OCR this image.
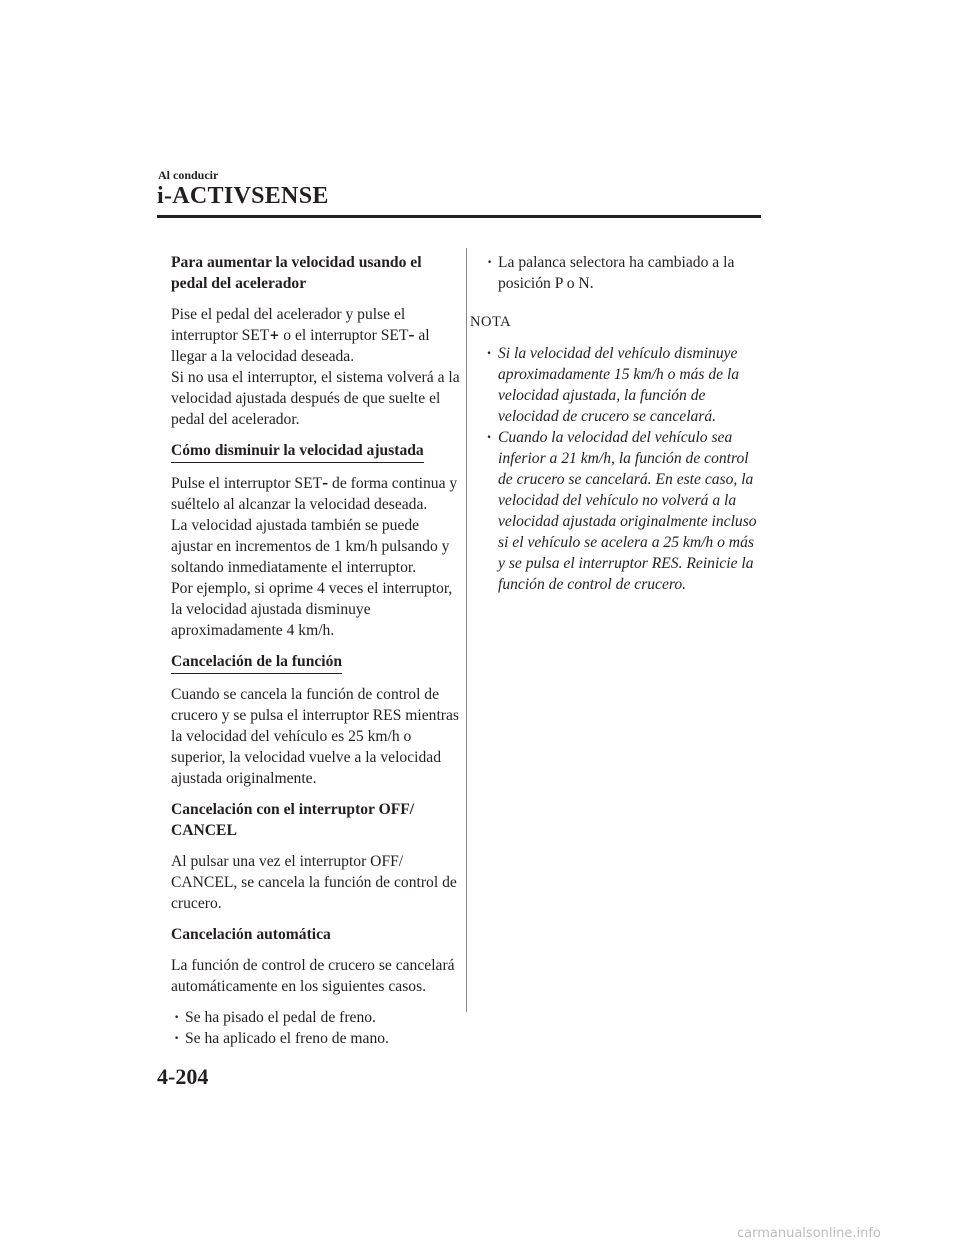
Al conducir
i-ACTIVSENSE

Para aumentar la velocidad usando el pedal del acelerador

Pise el pedal del acelerador y pulse el interruptor SET+ o el interruptor SET– al llegar a la velocidad deseada.
Si no usa el interruptor, el sistema volverá a la velocidad ajustada después de que suelte el pedal del acelerador.

Cómo disminuir la velocidad ajustada

Pulse el interruptor SET– de forma continua y suéltelo al alcanzar la velocidad deseada.
La velocidad ajustada también se puede ajustar en incrementos de 1 km/h pulsando y soltando inmediatamente el interruptor.
Por ejemplo, si oprime 4 veces el interruptor, la velocidad ajustada disminuye aproximadamente 4 km/h.

Cancelación de la función

Cuando se cancela la función de control de crucero y se pulsa el interruptor RES mientras la velocidad del vehículo es 25 km/h o superior, la velocidad vuelve a la velocidad ajustada originalmente.

Cancelación con el interruptor OFF/ CANCEL

Al pulsar una vez el interruptor OFF/ CANCEL, se cancela la función de control de crucero.

Cancelación automática

La función de control de crucero se cancelará automáticamente en los siguientes casos.

· Se ha pisado el pedal de freno.
· Se ha aplicado el freno de mano.
· La palanca selectora ha cambiado a la posición P o N.
NOTA
· Si la velocidad del vehículo disminuye aproximadamente 15 km/h o más de la velocidad ajustada, la función de velocidad de crucero se cancelará.
· Cuando la velocidad del vehículo sea inferior a 21 km/h, la función de control de crucero se cancelará. En este caso, la velocidad del vehículo no volverá a la velocidad ajustada originalmente incluso si el vehículo se acelera a 25 km/h o más y se pulsa el interruptor RES. Reinicie la función de control de crucero.
4-204
carmanualsonline.info
